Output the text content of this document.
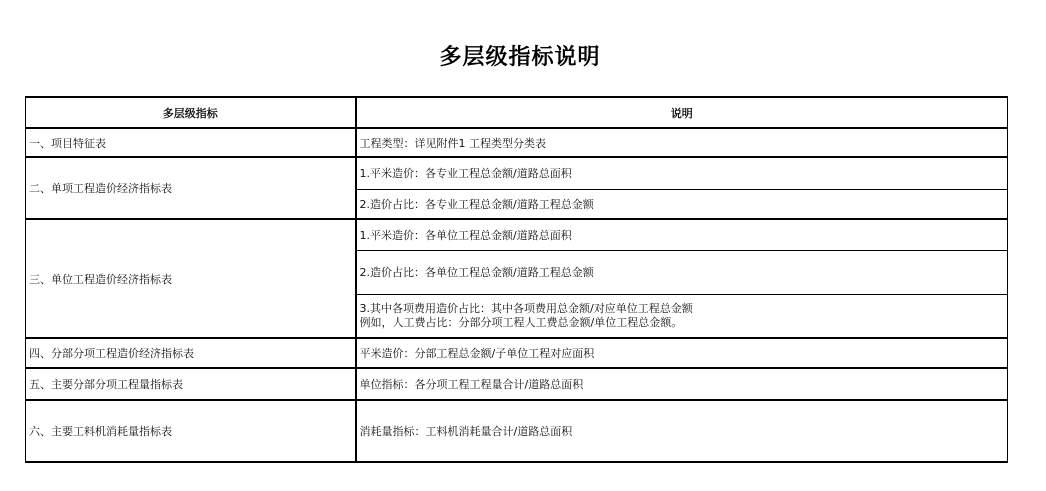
多层级指标说明
多层级指标	说明
一、项目特征表	工程类型：详见附件1 工程类型分类表
二、单项工程造价经济指标表	1.平米造价：各专业工程总金额/道路总面积
	2.造价占比：各专业工程总金额/道路工程总金额
三、单位工程造价经济指标表	1.平米造价：各单位工程总金额/道路总面积
	2.造价占比：各单位工程总金额/道路工程总金额

	3.其中各项费用造价占比：其中各项费用总金额/对应单位工程总金额
例如，人工费占比：分部分项工程人工费总金额/单位工程总金额。

四、分部分项工程造价经济指标表	平米造价：分部工程总金额/子单位工程对应面积
五、主要分部分项工程量指标表	单位指标：各分项工程工程量合计/道路总面积
六、主要工料机消耗量指标表	消耗量指标：工料机消耗量合计/道路总面积
